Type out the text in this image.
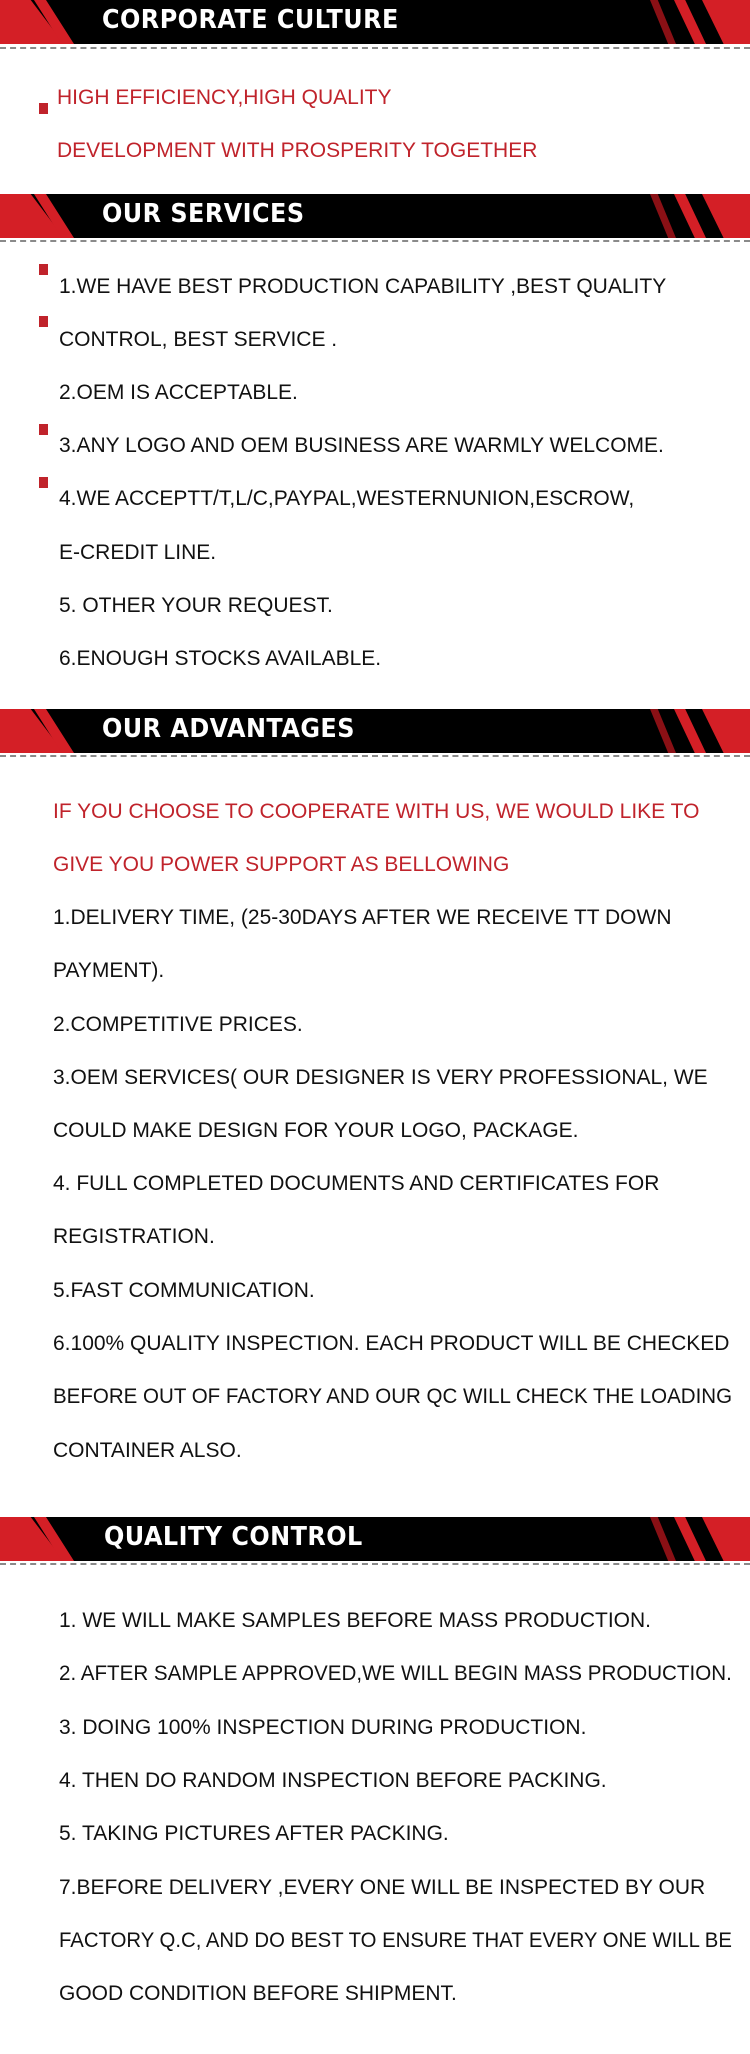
CORPORATE CULTURE
HIGH EFFICIENCY,HIGH QUALITY
DEVELOPMENT WITH PROSPERITY TOGETHER
OUR SERVICES
1.WE HAVE BEST PRODUCTION CAPABILITY ,BEST QUALITY
CONTROL, BEST SERVICE .
2.OEM IS ACCEPTABLE.
3.ANY LOGO AND OEM BUSINESS ARE WARMLY WELCOME.
4.WE ACCEPTT/T,L/C,PAYPAL,WESTERNUNION,ESCROW,
E-CREDIT LINE.
5. OTHER YOUR REQUEST.
6.ENOUGH STOCKS AVAILABLE.
OUR ADVANTAGES
IF YOU CHOOSE TO COOPERATE WITH US, WE WOULD LIKE TO
GIVE YOU POWER SUPPORT AS BELLOWING
1.DELIVERY TIME, (25-30DAYS AFTER WE RECEIVE TT DOWN
PAYMENT).
2.COMPETITIVE PRICES.
3.OEM SERVICES( OUR DESIGNER IS VERY PROFESSIONAL, WE
COULD MAKE DESIGN FOR YOUR LOGO, PACKAGE.
4. FULL COMPLETED DOCUMENTS AND CERTIFICATES FOR
REGISTRATION.
5.FAST COMMUNICATION.
6.100% QUALITY INSPECTION. EACH PRODUCT WILL BE CHECKED
BEFORE OUT OF FACTORY AND OUR QC WILL CHECK THE LOADING
CONTAINER ALSO.
QUALITY CONTROL
1. WE WILL MAKE SAMPLES BEFORE MASS PRODUCTION.
2. AFTER SAMPLE APPROVED,WE WILL BEGIN MASS PRODUCTION.
3. DOING 100% INSPECTION DURING PRODUCTION.
4. THEN DO RANDOM INSPECTION BEFORE PACKING.
5. TAKING PICTURES AFTER PACKING.
7.BEFORE DELIVERY ,EVERY ONE WILL BE INSPECTED BY OUR
FACTORY Q.C, AND DO BEST TO ENSURE THAT EVERY ONE WILL BE
GOOD CONDITION BEFORE SHIPMENT.
